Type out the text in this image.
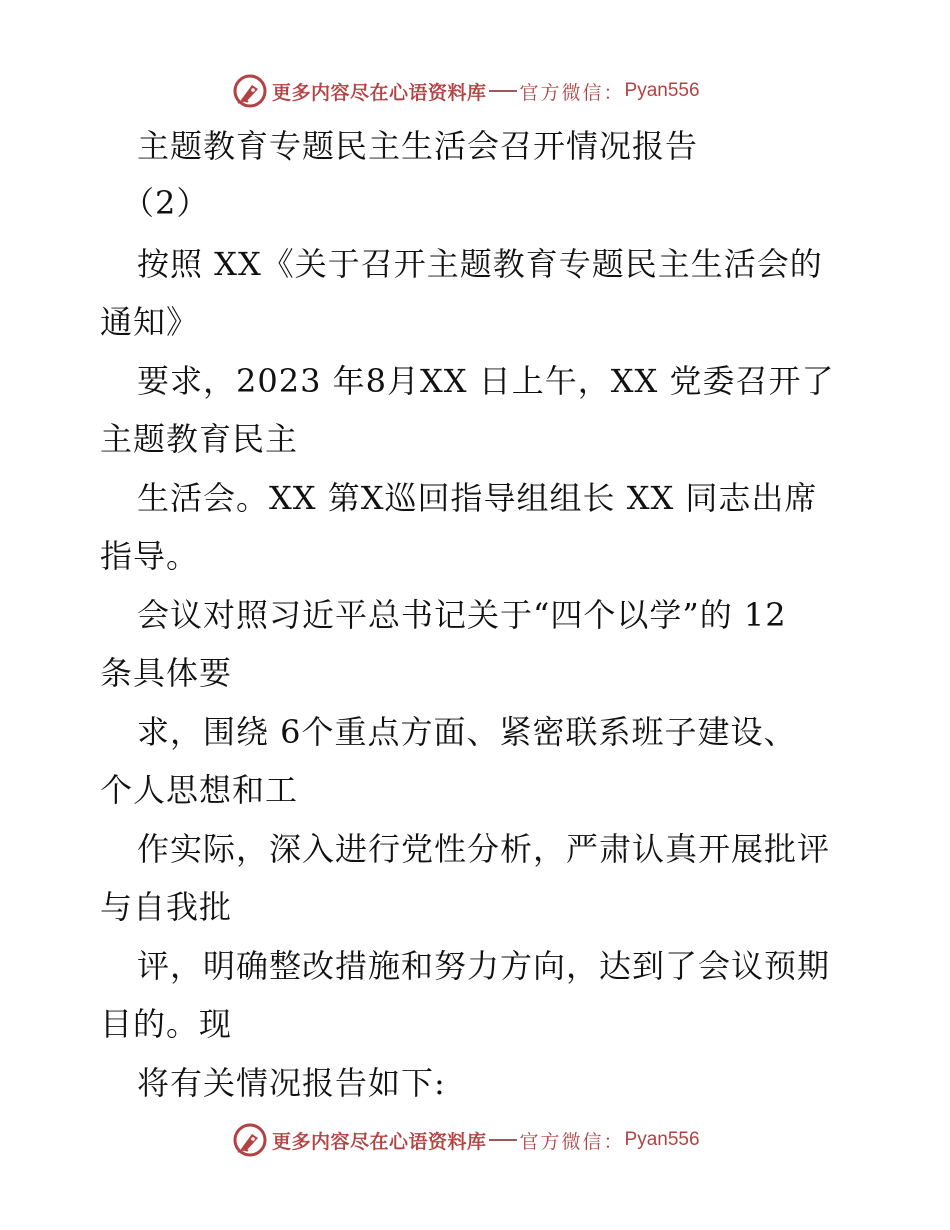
更多内容尽在心语资料库 官方微信： Pyan556
主题教育专题民主生活会召开情况报告
（2）
按照 XX《关于召开主题教育专题民主生活会的
通知》
要求，2023 年8月XX 日上午，XX 党委召开了
主题教育民主
生活会。XX 第X巡回指导组组长 XX 同志出席
指导。
会议对照习近平总书记关于“四个以学”的 12
条具体要
求，围绕 6个重点方面、紧密联系班子建设、
个人思想和工
作实际，深入进行党性分析，严肃认真开展批评
与自我批
评，明确整改措施和努力方向，达到了会议预期
目的。现
将有关情况报告如下:
更多内容尽在心语资料库 官方微信： Pyan556
